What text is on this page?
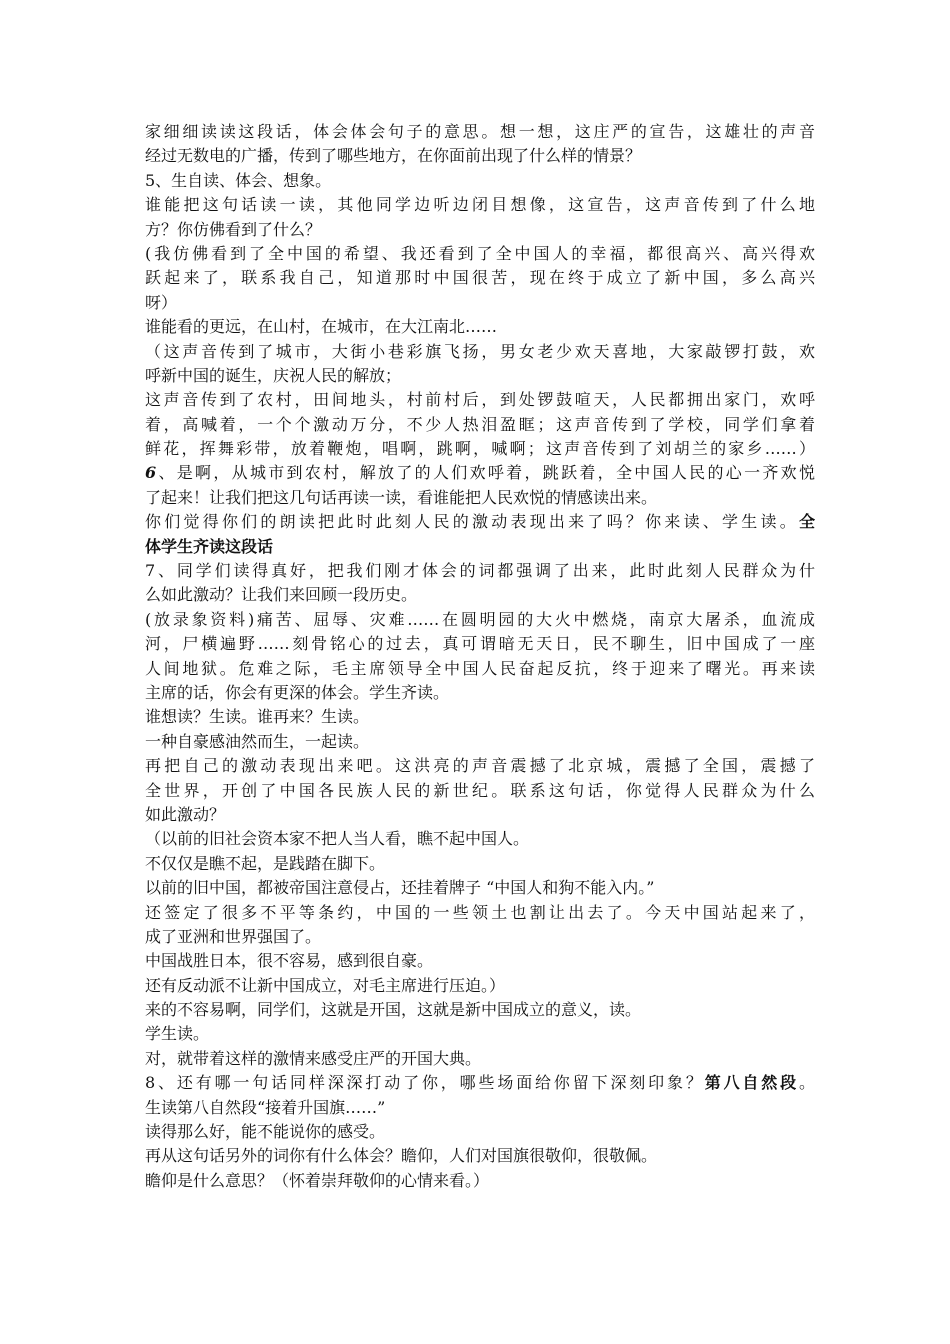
家细细读读这段话，体会体会句子的意思。想一想，这庄严的宣告，这雄壮的声音
经过无数电的广播，传到了哪些地方，在你面前出现了什么样的情景？
5、生自读、体会、想象。
谁能把这句话读一读，其他同学边听边闭目想像，这宣告，这声音传到了什么地
方？你仿佛看到了什么？
(我仿佛看到了全中国的希望、我还看到了全中国人的幸福，都很高兴、高兴得欢
跃起来了，联系我自己，知道那时中国很苦，现在终于成立了新中国，多么高兴
呀）
谁能看的更远，在山村，在城市，在大江南北……
（这声音传到了城市，大街小巷彩旗飞扬，男女老少欢天喜地，大家敲锣打鼓，欢
呼新中国的诞生，庆祝人民的解放；
这声音传到了农村，田间地头，村前村后，到处锣鼓喧天，人民都拥出家门，欢呼
着，高喊着，一个个激动万分，不少人热泪盈眶；这声音传到了学校，同学们拿着
鲜花，挥舞彩带，放着鞭炮，唱啊，跳啊，喊啊；这声音传到了刘胡兰的家乡……）
6、是啊，从城市到农村，解放了的人们欢呼着，跳跃着，全中国人民的心一齐欢悦
了起来！让我们把这几句话再读一读，看谁能把人民欢悦的情感读出来。
你们觉得你们的朗读把此时此刻人民的激动表现出来了吗？你来读、学生读。全
体学生齐读这段话
7、同学们读得真好，把我们刚才体会的词都强调了出来，此时此刻人民群众为什
么如此激动？让我们来回顾一段历史。
(放录象资料)痛苦、屈辱、灾难……在圆明园的大火中燃烧，南京大屠杀，血流成
河，尸横遍野……刻骨铭心的过去，真可谓暗无天日，民不聊生，旧中国成了一座
人间地狱。危难之际，毛主席领导全中国人民奋起反抗，终于迎来了曙光。再来读
主席的话，你会有更深的体会。学生齐读。
谁想读？生读。谁再来？生读。
一种自豪感油然而生，一起读。
再把自己的激动表现出来吧。这洪亮的声音震撼了北京城，震撼了全国，震撼了
全世界，开创了中国各民族人民的新世纪。联系这句话，你觉得人民群众为什么
如此激动？
（以前的旧社会资本家不把人当人看，瞧不起中国人。
不仅仅是瞧不起，是践踏在脚下。
以前的旧中国，都被帝国注意侵占，还挂着牌子 “中国人和狗不能入内。”
还签定了很多不平等条约，中国的一些领土也割让出去了。今天中国站起来了，
成了亚洲和世界强国了。
中国战胜日本，很不容易，感到很自豪。
还有反动派不让新中国成立，对毛主席进行压迫。）
来的不容易啊，同学们，这就是开国，这就是新中国成立的意义，读。
学生读。
对，就带着这样的激情来感受庄严的开国大典。
8、还有哪一句话同样深深打动了你，哪些场面给你留下深刻印象？第八自然段。
生读第八自然段“接着升国旗……”
读得那么好，能不能说你的感受。
再从这句话另外的词你有什么体会？瞻仰，人们对国旗很敬仰，很敬佩。
瞻仰是什么意思？（怀着崇拜敬仰的心情来看。）
